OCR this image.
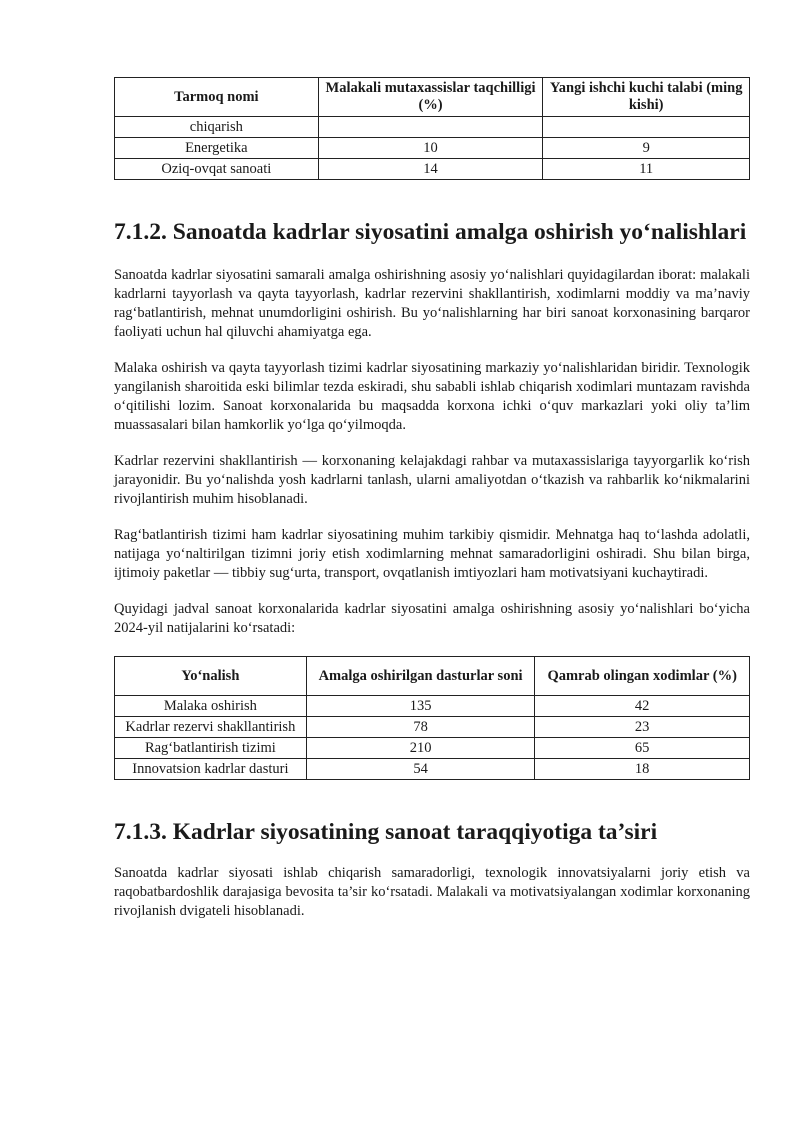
Tarmoq nomi	Malakali mutaxassislar taqchilligi (%)	Yangi ishchi kuchi talabi (ming kishi)
chiqarish		
Energetika	10	9
Oziq-ovqat sanoati	14	11
7.1.2. Sanoatda kadrlar siyosatini amalga oshirish yo‘nalishlari

Sanoatda kadrlar siyosatini samarali amalga oshirishning asosiy yo‘nalishlari quyidagilardan iborat: malakali kadrlarni tayyorlash va qayta tayyorlash, kadrlar rezervini shakllantirish, xodimlarni moddiy va ma’naviy rag‘batlantirish, mehnat unumdorligini oshirish. Bu yo‘nalishlarning har biri sanoat korxonasining barqaror faoliyati uchun hal qiluvchi ahamiyatga ega.

Malaka oshirish va qayta tayyorlash tizimi kadrlar siyosatining markaziy yo‘nalishlaridan biridir. Texnologik yangilanish sharoitida eski bilimlar tezda eskiradi, shu sababli ishlab chiqarish xodimlari muntazam ravishda o‘qitilishi lozim. Sanoat korxonalarida bu maqsadda korxona ichki o‘quv markazlari yoki oliy ta’lim muassasalari bilan hamkorlik yo‘lga qo‘yilmoqda.

Kadrlar rezervini shakllantirish — korxonaning kelajakdagi rahbar va mutaxassislariga tayyorgarlik ko‘rish jarayonidir. Bu yo‘nalishda yosh kadrlarni tanlash, ularni amaliyotdan o‘tkazish va rahbarlik ko‘nikmalarini rivojlantirish muhim hisoblanadi.

Rag‘batlantirish tizimi ham kadrlar siyosatining muhim tarkibiy qismidir. Mehnatga haq to‘lashda adolatli, natijaga yo‘naltirilgan tizimni joriy etish xodimlarning mehnat samaradorligini oshiradi. Shu bilan birga, ijtimoiy paketlar — tibbiy sug‘urta, transport, ovqatlanish imtiyozlari ham motivatsiyani kuchaytiradi.

Quyidagi jadval sanoat korxonalarida kadrlar siyosatini amalga oshirishning asosiy yo‘nalishlari bo‘yicha 2024-yil natijalarini ko‘rsatadi:

Yo‘nalish	Amalga oshirilgan dasturlar soni	Qamrab olingan xodimlar (%)
Malaka oshirish	135	42
Kadrlar rezervi shakllantirish	78	23
Rag‘batlantirish tizimi	210	65
Innovatsion kadrlar dasturi	54	18
7.1.3. Kadrlar siyosatining sanoat taraqqiyotiga ta’siri

Sanoatda kadrlar siyosati ishlab chiqarish samaradorligi, texnologik innovatsiyalarni joriy etish va raqobatbardoshlik darajasiga bevosita ta’sir ko‘rsatadi. Malakali va motivatsiyalangan xodimlar korxonaning rivojlanish dvigateli hisoblanadi.
